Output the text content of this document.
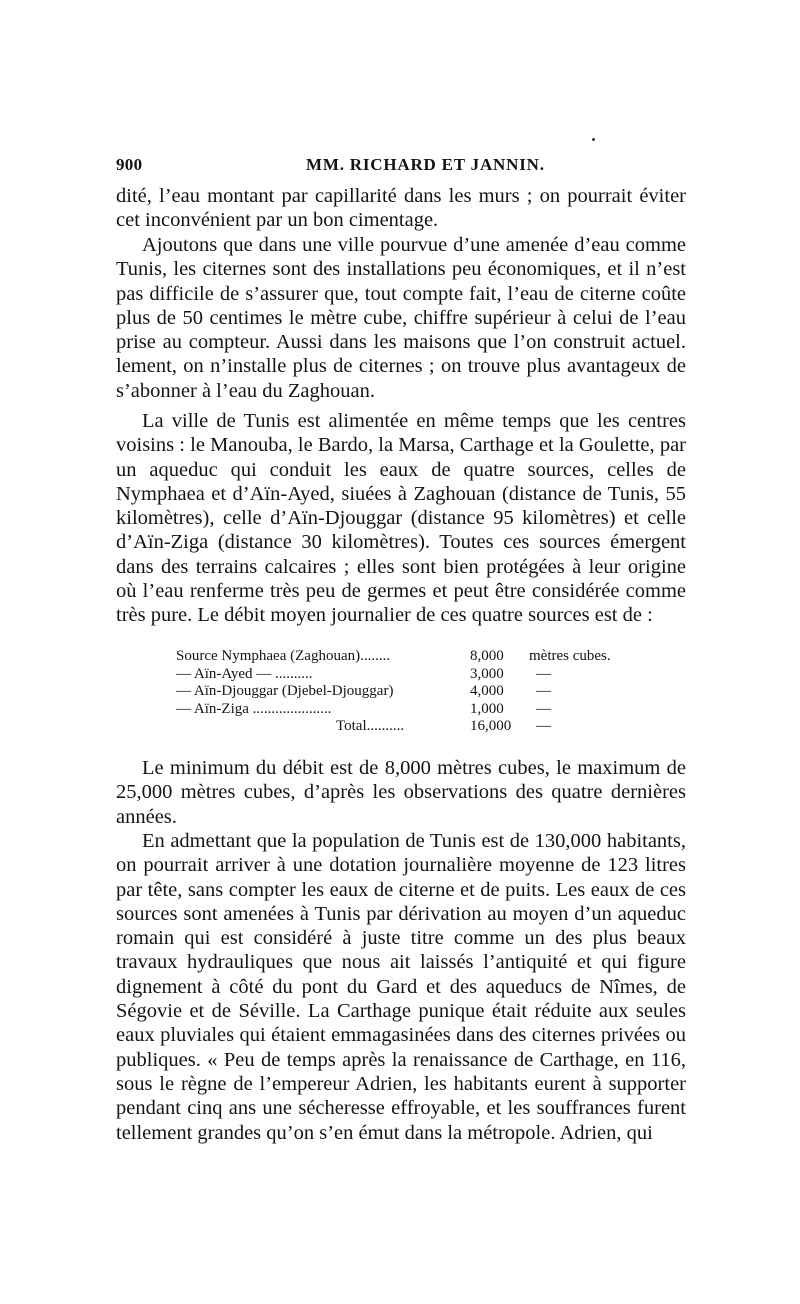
900	MM. RICHARD ET JANNIN.

dité, l’eau montant par capillarité dans les murs ; on pourrait éviter cet inconvénient par un bon cimentage.

Ajoutons que dans une ville pourvue d’une amenée d’eau comme Tunis, les citernes sont des installations peu économiques, et il n’est pas difficile de s’assurer que, tout compte fait, l’eau de citerne coûte plus de 50 centimes le mètre cube, chiffre supérieur à celui de l’eau prise au compteur. Aussi dans les maisons que l’on construit actuel. lement, on n’installe plus de citernes ; on trouve plus avantageux de s’abonner à l’eau du Zaghouan.

La ville de Tunis est alimentée en même temps que les centres voisins : le Manouba, le Bardo, la Marsa, Carthage et la Goulette, par un aqueduc qui conduit les eaux de quatre sources, celles de Nymphaea et d’Aïn-Ayed, siuées à Zaghouan (distance de Tunis, 55 kilomètres), celle d’Aïn-Djouggar (distance 95 kilomètres) et celle d’Aïn-Ziga (distance 30 kilomètres). Toutes ces sources émergent dans des terrains calcaires ; elles sont bien protégées à leur origine où l’eau renferme très peu de germes et peut être considérée comme très pure. Le débit moyen journalier de ces quatre sources est de :

Source Nymphaea (Zaghouan)........	8,000	mètres cubes.
— Aïn-Ayed — ..........	3,000	—
— Aïn-Djouggar (Djebel-Djouggar)	4,000	—
— Aïn-Ziga .....................	1,000	—
Total..........	16,000	—

Le minimum du débit est de 8,000 mètres cubes, le maximum de 25,000 mètres cubes, d’après les observations des quatre dernières années.

En admettant que la population de Tunis est de 130,000 habitants, on pourrait arriver à une dotation journalière moyenne de 123 litres par tête, sans compter les eaux de citerne et de puits. Les eaux de ces sources sont amenées à Tunis par dérivation au moyen d’un aqueduc romain qui est considéré à juste titre comme un des plus beaux travaux hydrauliques que nous ait laissés l’antiquité et qui figure dignement à côté du pont du Gard et des aqueducs de Nîmes, de Ségovie et de Séville. La Carthage punique était réduite aux seules eaux pluviales qui étaient emmagasinées dans des citernes privées ou publiques. « Peu de temps après la renaissance de Carthage, en 116, sous le règne de l’empereur Adrien, les habitants eurent à supporter pendant cinq ans une sécheresse effroyable, et les souffrances furent tellement grandes qu’on s’en émut dans la métropole. Adrien, qui
